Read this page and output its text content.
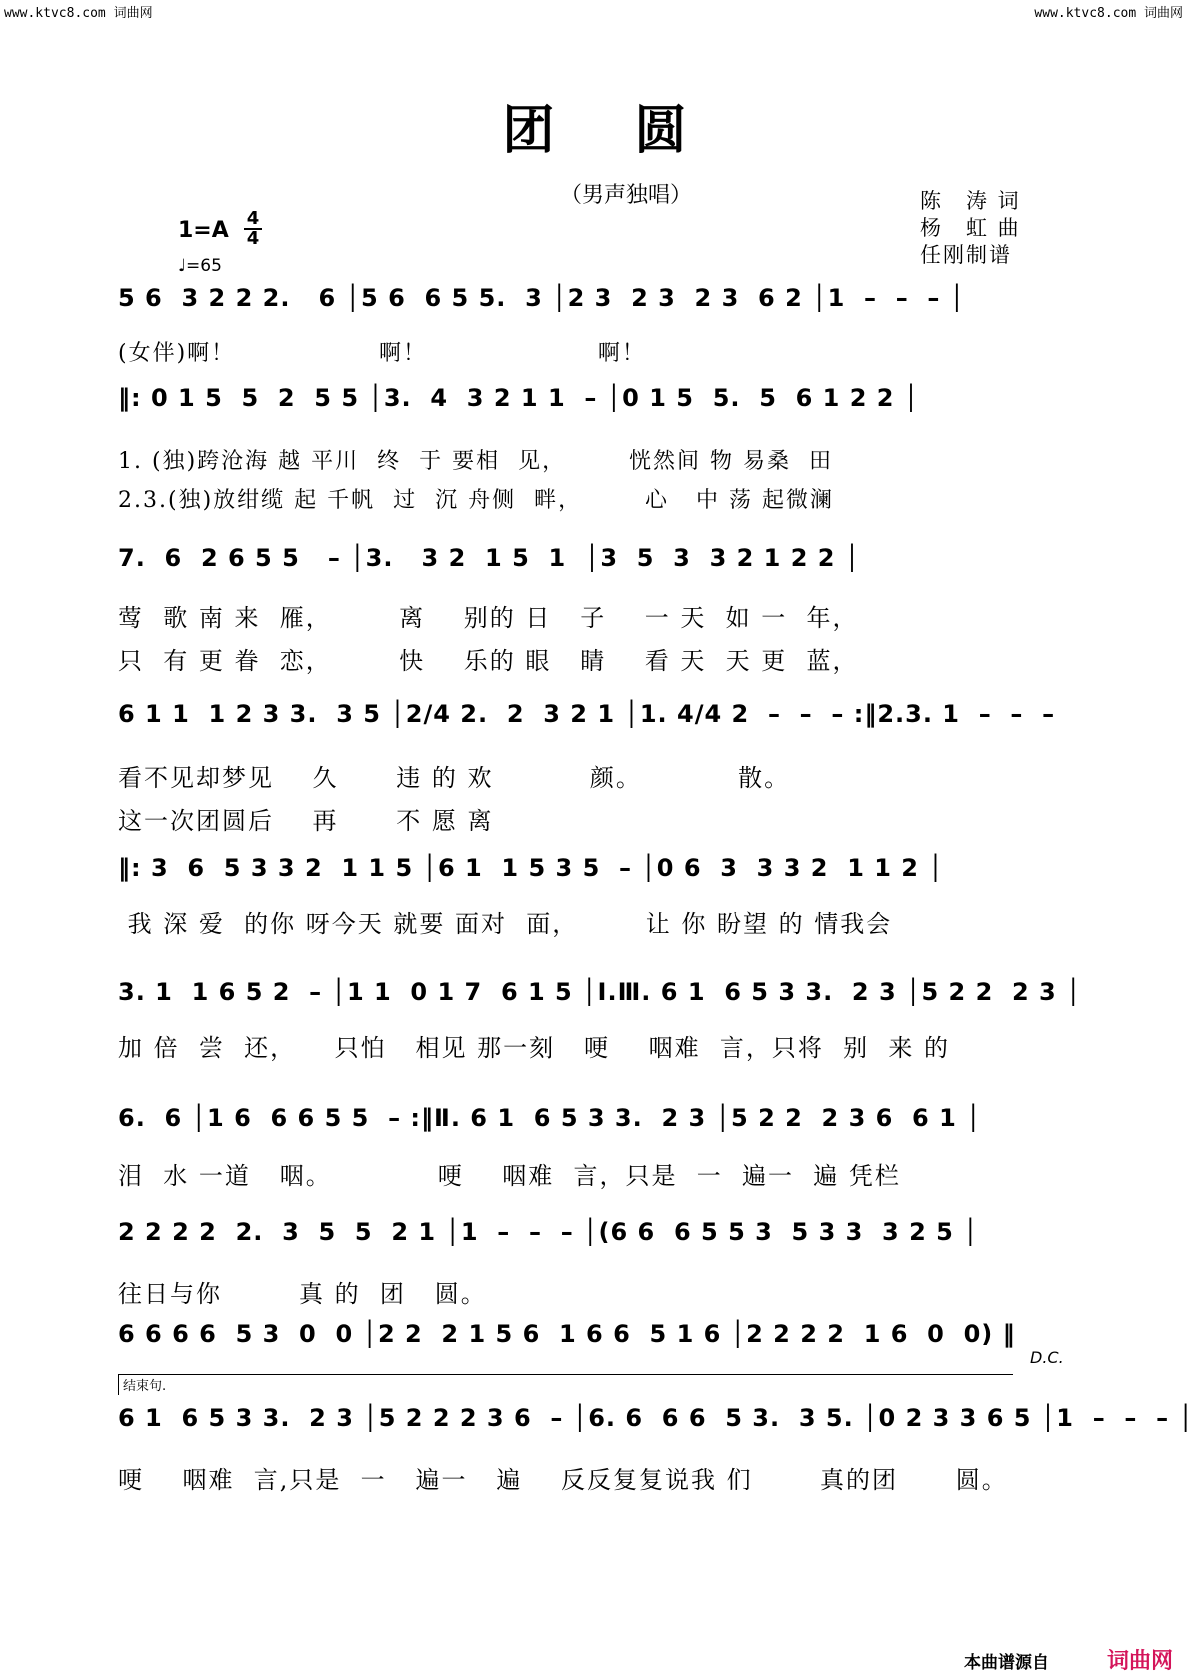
www.ktvc8.com 词曲网	www.ktvc8.com 词曲网
团圆
（男声独唱）	陈　涛 词
杨　虹 曲
任刚制谱
1=A 4
4
♩=65
5 6  3 2 2 2.   6 │5 6  6 5 5.  3 │2 3  2 3  2 3  6 2 │1  –  –  – │
(女伴)啊！                啊！                   啊！
‖: 0 1 5  5  2  5 5 │3.  4  3 2 1 1  – │0 1 5  5.  5  6 1 2 2 │
1. (独)跨沧海 越 平川  终  于 要相  见，       恍然间 物 易桑  田
2.3.(独)放绀缆 起 千帆  过  沉 舟侧  畔，       心   中 荡 起微澜
7.  6  2 6 5 5   – │3.   3 2  1 5  1  │3  5  3  3 2 1 2 2 │
莺  歌 南 来  雁，       离    别的 日   子    一 天  如 一  年，
只  有 更 眷  恋，       快    乐的 眼   睛    看 天  天 更  蓝，
6 1 1  1 2 3 3.  3 5 │2/4 2.  2  3 2 1 │1. 4/4 2  –  –  – :‖2.3. 1  –  –  –
看不见却梦见    久      违 的 欢          颜。          散。
这一次团圆后    再      不 愿 离
‖: 3  6  5 3 3 2  1 1 5 │6 1  1 5 3 5  – │0 6  3  3 3 2  1 1 2 │
我 深 爱  的你 呀今天 就要 面对  面，       让 你 盼望 的 情我会
3. 1  1 6 5 2  – │1 1  0 1 7  6 1 5 │Ⅰ.Ⅲ. 6 1  6 5 3 3.  2 3 │5 2 2  2 3 │
加 倍  尝  还，    只怕   相见 那一刻   哽    咽难  言，只将  别  来 的
6.  6 │1 6  6 6 5 5  – :‖Ⅱ. 6 1  6 5 3 3.  2 3 │5 2 2  2 3 6  6 1 │
泪  水 一道   咽。           哽    咽难  言，只是  一  遍一  遍 凭栏
2 2 2 2  2.  3  5  5  2 1 │1  –  –  – │(6 6  6 5 5 3  5 3 3  3 2 5 │
往日与你        真 的  团   圆。
6 6 6 6  5 3  0  0 │2 2  2 1 5 6  1 6 6  5 1 6 │2 2 2 2  1 6  0  0) ‖
D.C.
结束句.
6 1  6 5 3 3.  2 3 │5 2 2 2 3 6  – │6. 6  6 6  5 3.  3 5. │0 2 3 3 6 5 │1  –  –  – │
哽    咽难  言,只是  一   遍一   遍    反反复复说我 们       真的团      圆。
本曲谱源自	词曲网
